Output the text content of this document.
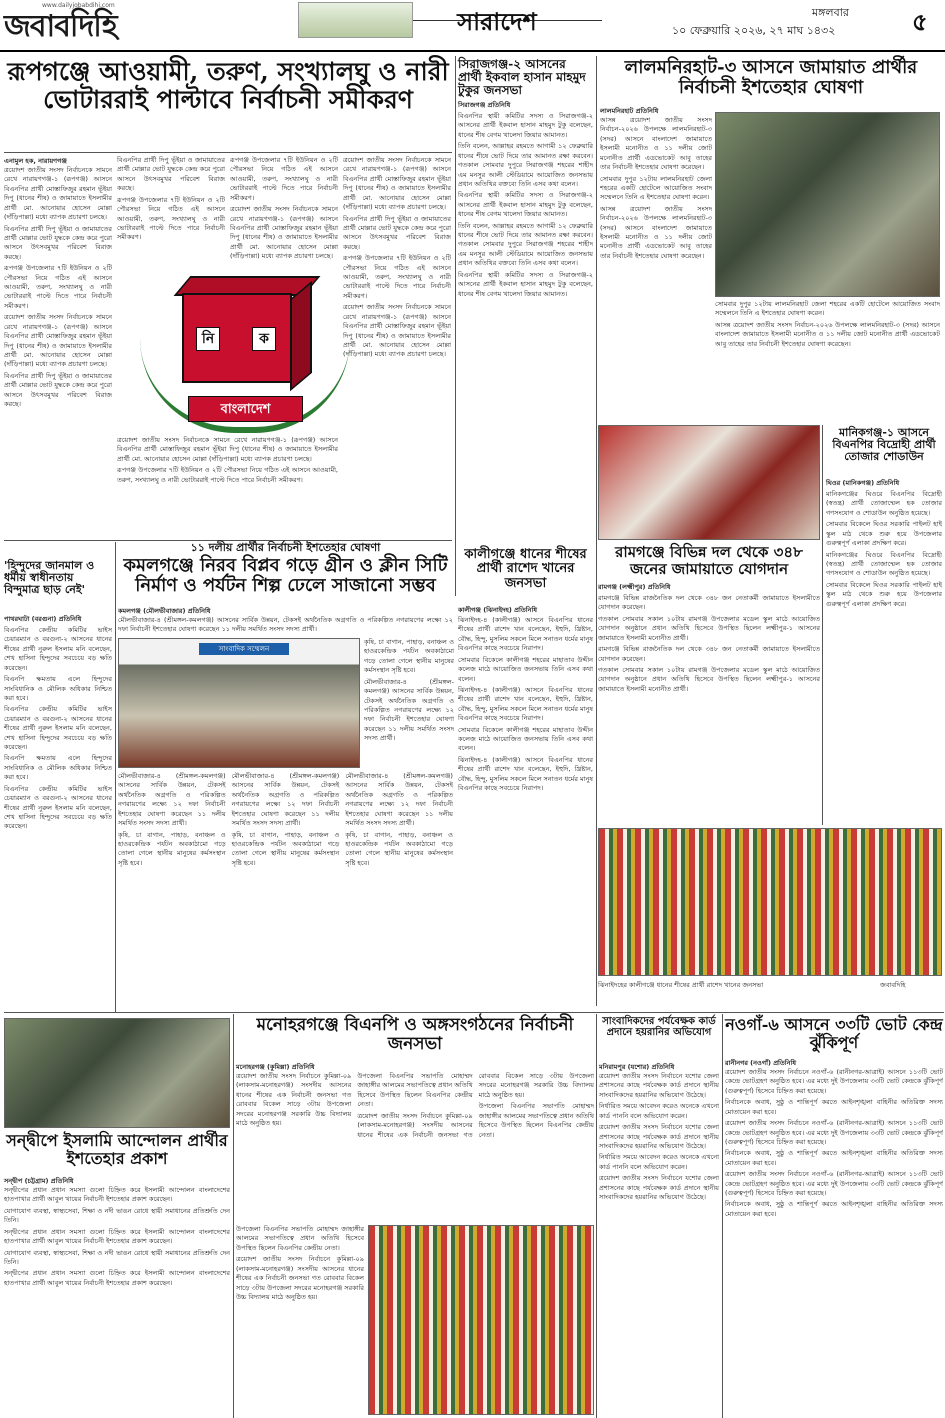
জবাবদিহি
www.dailyjobabdihi.com
সারাদেশ	মঙ্গলবার
১০ ফেব্রুয়ারি ২০২৬, ২৭ মাঘ ১৪৩২	৫
রূপগঞ্জে আওয়ামী, তরুণ, সংখ্যালঘু ও নারী ভোটাররাই পাল্টাবে নির্বাচনী সমীকরণ
এনামুল হক, নারায়ণগঞ্জ

ত্রয়োদশ জাতীয় সংসদ নির্বাচনকে সামনে রেখে নারায়ণগঞ্জ-১ (রূপগঞ্জ) আসনে বিএনপির প্রার্থী মোস্তাফিজুর রহমান ভূঁইয়া দিপু (ধানের শীষ) ও জামায়াতে ইসলামীর প্রার্থী মো. আনোয়ার হোসেন মোল্লা (দাঁড়িপাল্লা) মধ্যে ব্যাপক প্রচারণা চলছে।

বিএনপির প্রার্থী দিপু ভূঁইয়া ও জামায়াতের প্রার্থী মোল্লার ভোট যুদ্ধকে কেন্দ্র করে পুরো আসনে উৎসবমুখর পরিবেশ বিরাজ করছে।

রূপগঞ্জ উপজেলার ৭টি ইউনিয়ন ও ২টি পৌরসভা নিয়ে গঠিত এই আসনে আওয়ামী, তরুণ, সংখ্যালঘু ও নারী ভোটাররাই পাল্টে দিতে পারে নির্বাচনী সমীকরণ।

ত্রয়োদশ জাতীয় সংসদ নির্বাচনকে সামনে রেখে নারায়ণগঞ্জ-১ (রূপগঞ্জ) আসনে বিএনপির প্রার্থী মোস্তাফিজুর রহমান ভূঁইয়া দিপু (ধানের শীষ) ও জামায়াতে ইসলামীর প্রার্থী মো. আনোয়ার হোসেন মোল্লা (দাঁড়িপাল্লা) মধ্যে ব্যাপক প্রচারণা চলছে।

বিএনপির প্রার্থী দিপু ভূঁইয়া ও জামায়াতের প্রার্থী মোল্লার ভোট যুদ্ধকে কেন্দ্র করে পুরো আসনে উৎসবমুখর পরিবেশ বিরাজ করছে।

বিএনপির প্রার্থী দিপু ভূঁইয়া ও জামায়াতের প্রার্থী মোল্লার ভোট যুদ্ধকে কেন্দ্র করে পুরো আসনে উৎসবমুখর পরিবেশ বিরাজ করছে।

রূপগঞ্জ উপজেলার ৭টি ইউনিয়ন ও ২টি পৌরসভা নিয়ে গঠিত এই আসনে আওয়ামী, তরুণ, সংখ্যালঘু ও নারী ভোটাররাই পাল্টে দিতে পারে নির্বাচনী সমীকরণ।

রূপগঞ্জ উপজেলার ৭টি ইউনিয়ন ও ২টি পৌরসভা নিয়ে গঠিত এই আসনে আওয়ামী, তরুণ, সংখ্যালঘু ও নারী ভোটাররাই পাল্টে দিতে পারে নির্বাচনী সমীকরণ।

ত্রয়োদশ জাতীয় সংসদ নির্বাচনকে সামনে রেখে নারায়ণগঞ্জ-১ (রূপগঞ্জ) আসনে বিএনপির প্রার্থী মোস্তাফিজুর রহমান ভূঁইয়া দিপু (ধানের শীষ) ও জামায়াতে ইসলামীর প্রার্থী মো. আনোয়ার হোসেন মোল্লা (দাঁড়িপাল্লা) মধ্যে ব্যাপক প্রচারণা চলছে।

ত্রয়োদশ জাতীয় সংসদ নির্বাচনকে সামনে রেখে নারায়ণগঞ্জ-১ (রূপগঞ্জ) আসনে বিএনপির প্রার্থী মোস্তাফিজুর রহমান ভূঁইয়া দিপু (ধানের শীষ) ও জামায়াতে ইসলামীর প্রার্থী মো. আনোয়ার হোসেন মোল্লা (দাঁড়িপাল্লা) মধ্যে ব্যাপক প্রচারণা চলছে।

বিএনপির প্রার্থী দিপু ভূঁইয়া ও জামায়াতের প্রার্থী মোল্লার ভোট যুদ্ধকে কেন্দ্র করে পুরো আসনে উৎসবমুখর পরিবেশ বিরাজ করছে।

রূপগঞ্জ উপজেলার ৭টি ইউনিয়ন ও ২টি পৌরসভা নিয়ে গঠিত এই আসনে আওয়ামী, তরুণ, সংখ্যালঘু ও নারী ভোটাররাই পাল্টে দিতে পারে নির্বাচনী সমীকরণ।

ত্রয়োদশ জাতীয় সংসদ নির্বাচনকে সামনে রেখে নারায়ণগঞ্জ-১ (রূপগঞ্জ) আসনে বিএনপির প্রার্থী মোস্তাফিজুর রহমান ভূঁইয়া দিপু (ধানের শীষ) ও জামায়াতে ইসলামীর প্রার্থী মো. আনোয়ার হোসেন মোল্লা (দাঁড়িপাল্লা) মধ্যে ব্যাপক প্রচারণা চলছে।

নি	ক
বাংলাদেশ

ত্রয়োদশ জাতীয় সংসদ নির্বাচনকে সামনে রেখে নারায়ণগঞ্জ-১ (রূপগঞ্জ) আসনে বিএনপির প্রার্থী মোস্তাফিজুর রহমান ভূঁইয়া দিপু (ধানের শীষ) ও জামায়াতে ইসলামীর প্রার্থী মো. আনোয়ার হোসেন মোল্লা (দাঁড়িপাল্লা) মধ্যে ব্যাপক প্রচারণা চলছে।

রূপগঞ্জ উপজেলার ৭টি ইউনিয়ন ও ২টি পৌরসভা নিয়ে গঠিত এই আসনে আওয়ামী, তরুণ, সংখ্যালঘু ও নারী ভোটাররাই পাল্টে দিতে পারে নির্বাচনী সমীকরণ।

সিরাজগঞ্জ-২ আসনের প্রার্থী ইকবাল হাসান মাহমুদ টুকুর জনসভা
সিরাজগঞ্জ প্রতিনিধি

বিএনপির স্থায়ী কমিটির সদস্য ও সিরাজগঞ্জ-২ আসনের প্রার্থী ইকবাল হাসান মাহমুদ টুকু বলেছেন, ধানের শীষ বেগম খালেদা জিয়ার আমানত।

তিনি বলেন, আল্লাহর রহমতে আগামী ১২ ফেব্রুয়ারি ধানের শীষে ভোট দিয়ে তার আমানত রক্ষা করবেন। গতকাল সোমবার দুপুরে সিরাজগঞ্জ শহরের শাহীদ এম মনসুর আলী স্টেডিয়ামে আয়োজিত জনসভায় প্রধান অতিথির বক্তব্যে তিনি এসব কথা বলেন।

বিএনপির স্থায়ী কমিটির সদস্য ও সিরাজগঞ্জ-২ আসনের প্রার্থী ইকবাল হাসান মাহমুদ টুকু বলেছেন, ধানের শীষ বেগম খালেদা জিয়ার আমানত।

তিনি বলেন, আল্লাহর রহমতে আগামী ১২ ফেব্রুয়ারি ধানের শীষে ভোট দিয়ে তার আমানত রক্ষা করবেন। গতকাল সোমবার দুপুরে সিরাজগঞ্জ শহরের শাহীদ এম মনসুর আলী স্টেডিয়ামে আয়োজিত জনসভায় প্রধান অতিথির বক্তব্যে তিনি এসব কথা বলেন।

বিএনপির স্থায়ী কমিটির সদস্য ও সিরাজগঞ্জ-২ আসনের প্রার্থী ইকবাল হাসান মাহমুদ টুকু বলেছেন, ধানের শীষ বেগম খালেদা জিয়ার আমানত।

লালমনিরহাট-৩ আসনে জামায়াত প্রার্থীর নির্বাচনী ইশতেহার ঘোষণা
লালমনিরহাট প্রতিনিধি

আসন্ন ত্রয়োদশ জাতীয় সংসদ নির্বাচন-২০২৬ উপলক্ষে লালমনিরহাট-৩ (সদর) আসনে বাংলাদেশ জামায়াতে ইসলামী মনোনীত ও ১১ দলীয় জোট মনোনীত প্রার্থী এডভোকেট আবু তাহের তার নির্বাচনী ইশতেহার ঘোষণা করেছেন।

সোমবার দুপুর ১২টায় লালমনিরহাট জেলা শহরের একটি হোটেলে আয়োজিত সংবাদ সম্মেলনে তিনি এ ইশতেহার ঘোষণা করেন।

আসন্ন ত্রয়োদশ জাতীয় সংসদ নির্বাচন-২০২৬ উপলক্ষে লালমনিরহাট-৩ (সদর) আসনে বাংলাদেশ জামায়াতে ইসলামী মনোনীত ও ১১ দলীয় জোট মনোনীত প্রার্থী এডভোকেট আবু তাহের তার নির্বাচনী ইশতেহার ঘোষণা করেছেন।

সোমবার দুপুর ১২টায় লালমনিরহাট জেলা শহরের একটি হোটেলে আয়োজিত সংবাদ সম্মেলনে তিনি এ ইশতেহার ঘোষণা করেন।

আসন্ন ত্রয়োদশ জাতীয় সংসদ নির্বাচন-২০২৬ উপলক্ষে লালমনিরহাট-৩ (সদর) আসনে বাংলাদেশ জামায়াতে ইসলামী মনোনীত ও ১১ দলীয় জোট মনোনীত প্রার্থী এডভোকেট আবু তাহের তার নির্বাচনী ইশতেহার ঘোষণা করেছেন।

রামগঞ্জে বিভিন্ন দল থেকে ৩৪৮ জনের জামায়াতে যোগদান
রামগঞ্জ (লক্ষ্মীপুর) প্রতিনিধি

রামগঞ্জে বিভিন্ন রাজনৈতিক দল থেকে ৩৪৮ জন নেতাকর্মী জামায়াতে ইসলামীতে যোগদান করেছেন।

গতকাল সোমবার সকাল ১০টায় রামগঞ্জ উপজেলার মডেল স্কুল মাঠে আয়োজিত যোগদান অনুষ্ঠানে প্রধান অতিথি হিসেবে উপস্থিত ছিলেন লক্ষ্মীপুর-১ আসনের জামায়াতে ইসলামী মনোনীত প্রার্থী।

রামগঞ্জে বিভিন্ন রাজনৈতিক দল থেকে ৩৪৮ জন নেতাকর্মী জামায়াতে ইসলামীতে যোগদান করেছেন।

গতকাল সোমবার সকাল ১০টায় রামগঞ্জ উপজেলার মডেল স্কুল মাঠে আয়োজিত যোগদান অনুষ্ঠানে প্রধান অতিথি হিসেবে উপস্থিত ছিলেন লক্ষ্মীপুর-১ আসনের জামায়াতে ইসলামী মনোনীত প্রার্থী।

মানিকগঞ্জ-১ আসনে বিএনপির বিদ্রোহী প্রার্থী তোজার শোডাউন
ঘিওর (মানিকগঞ্জ) প্রতিনিধি

মানিকগঞ্জের ঘিওরে বিএনপির বিদ্রোহী (স্বতন্ত্র) প্রার্থী তোজাম্মেল হক তোজার গণসংযোগ ও শোডাউন অনুষ্ঠিত হয়েছে।

সোমবার বিকেলে ঘিওর সরকারি পাইলট হাই স্কুল মাঠ থেকে শুরু হয়ে উপজেলার গুরুত্বপূর্ণ এলাকা প্রদক্ষিণ করে।

মানিকগঞ্জের ঘিওরে বিএনপির বিদ্রোহী (স্বতন্ত্র) প্রার্থী তোজাম্মেল হক তোজার গণসংযোগ ও শোডাউন অনুষ্ঠিত হয়েছে।

সোমবার বিকেলে ঘিওর সরকারি পাইলট হাই স্কুল মাঠ থেকে শুরু হয়ে উপজেলার গুরুত্বপূর্ণ এলাকা প্রদক্ষিণ করে।

ঝিনাইদহের কালীগঞ্জে ধানের শীষের প্রার্থী রাশেদ খানের জনসভা	জবাবদিহি
কালীগঞ্জে ধানের শীষের প্রার্থী রাশেদ খানের জনসভা
কালীগঞ্জ (ঝিনাইদহ) প্রতিনিধি

ঝিনাইদহ-৪ (কালীগঞ্জ) আসনে বিএনপির ধানের শীষের প্রার্থী রাশেদ খান বলেছেন, ইহুদি, খ্রিষ্টান, বৌদ্ধ, হিন্দু, মুসলিম সকলে মিলে সনাতন ধর্মের মানুষ বিএনপির কাছে সবচেয়ে নিরাপদ।

সোমবার বিকেলে কালীগঞ্জ শহরের মাহাতাব উদ্দীন কলেজ মাঠে আয়োজিত জনসভায় তিনি এসব কথা বলেন।

ঝিনাইদহ-৪ (কালীগঞ্জ) আসনে বিএনপির ধানের শীষের প্রার্থী রাশেদ খান বলেছেন, ইহুদি, খ্রিষ্টান, বৌদ্ধ, হিন্দু, মুসলিম সকলে মিলে সনাতন ধর্মের মানুষ বিএনপির কাছে সবচেয়ে নিরাপদ।

সোমবার বিকেলে কালীগঞ্জ শহরের মাহাতাব উদ্দীন কলেজ মাঠে আয়োজিত জনসভায় তিনি এসব কথা বলেন।

ঝিনাইদহ-৪ (কালীগঞ্জ) আসনে বিএনপির ধানের শীষের প্রার্থী রাশেদ খান বলেছেন, ইহুদি, খ্রিষ্টান, বৌদ্ধ, হিন্দু, মুসলিম সকলে মিলে সনাতন ধর্মের মানুষ বিএনপির কাছে সবচেয়ে নিরাপদ।

১১ দলীয় প্রার্থীর নির্বাচনী ইশতেহার ঘোষণা
কমলগঞ্জে নিরব বিপ্লব গড়ে গ্রীন ও ক্লীন সিটি নির্মাণ ও পর্যটন শিল্প ঢেলে সাজানো সম্ভব
কমলগঞ্জ (মৌলভীবাজার) প্রতিনিধি

মৌলভীবাজার-৪ (শ্রীমঙ্গল-কমলগঞ্জ) আসনের সার্বিক উন্নয়ন, টেকসই অর্থনৈতিক অগ্রগতি ও পরিকল্পিত নগরায়ণের লক্ষ্যে ১২ দফা নির্বাচনী ইশতেহার ঘোষণা করেছেন ১১ দলীয় সমর্থিত সংসদ সদস্য প্রার্থী।

সাংবাদিক সম্মেলন

কৃষি, চা বাগান, পাহাড়, বনাঞ্চল ও হাওরকেন্দ্রিক পর্যটন অবকাঠামো গড়ে তোলা গেলে স্থানীয় মানুষের কর্মসংস্থান সৃষ্টি হবে।

মৌলভীবাজার-৪ (শ্রীমঙ্গল-কমলগঞ্জ) আসনের সার্বিক উন্নয়ন, টেকসই অর্থনৈতিক অগ্রগতি ও পরিকল্পিত নগরায়ণের লক্ষ্যে ১২ দফা নির্বাচনী ইশতেহার ঘোষণা করেছেন ১১ দলীয় সমর্থিত সংসদ সদস্য প্রার্থী।

মৌলভীবাজার-৪ (শ্রীমঙ্গল-কমলগঞ্জ) আসনের সার্বিক উন্নয়ন, টেকসই অর্থনৈতিক অগ্রগতি ও পরিকল্পিত নগরায়ণের লক্ষ্যে ১২ দফা নির্বাচনী ইশতেহার ঘোষণা করেছেন ১১ দলীয় সমর্থিত সংসদ সদস্য প্রার্থী।

কৃষি, চা বাগান, পাহাড়, বনাঞ্চল ও হাওরকেন্দ্রিক পর্যটন অবকাঠামো গড়ে তোলা গেলে স্থানীয় মানুষের কর্মসংস্থান সৃষ্টি হবে।

মৌলভীবাজার-৪ (শ্রীমঙ্গল-কমলগঞ্জ) আসনের সার্বিক উন্নয়ন, টেকসই অর্থনৈতিক অগ্রগতি ও পরিকল্পিত নগরায়ণের লক্ষ্যে ১২ দফা নির্বাচনী ইশতেহার ঘোষণা করেছেন ১১ দলীয় সমর্থিত সংসদ সদস্য প্রার্থী।

কৃষি, চা বাগান, পাহাড়, বনাঞ্চল ও হাওরকেন্দ্রিক পর্যটন অবকাঠামো গড়ে তোলা গেলে স্থানীয় মানুষের কর্মসংস্থান সৃষ্টি হবে।

মৌলভীবাজার-৪ (শ্রীমঙ্গল-কমলগঞ্জ) আসনের সার্বিক উন্নয়ন, টেকসই অর্থনৈতিক অগ্রগতি ও পরিকল্পিত নগরায়ণের লক্ষ্যে ১২ দফা নির্বাচনী ইশতেহার ঘোষণা করেছেন ১১ দলীয় সমর্থিত সংসদ সদস্য প্রার্থী।

কৃষি, চা বাগান, পাহাড়, বনাঞ্চল ও হাওরকেন্দ্রিক পর্যটন অবকাঠামো গড়ে তোলা গেলে স্থানীয় মানুষের কর্মসংস্থান সৃষ্টি হবে।

'হিন্দুদের জানমাল ও ধর্মীয় স্বাধীনতায় বিন্দুমাত্র ছাড় নেই'
পাথরঘাটা (বরগুনা) প্রতিনিধি

বিএনপির কেন্দ্রীয় কমিটির ভাইস চেয়ারম্যান ও বরগুনা-২ আসনের ধানের শীষের প্রার্থী নুরুল ইসলাম মনি বলেছেন, শেখ হাসিনা হিন্দুদের সবচেয়ে বড় ক্ষতি করেছেন।

বিএনপি ক্ষমতায় এলে হিন্দুদের সাংবিধানিক ও মৌলিক অধিকার নিশ্চিত করা হবে।

বিএনপির কেন্দ্রীয় কমিটির ভাইস চেয়ারম্যান ও বরগুনা-২ আসনের ধানের শীষের প্রার্থী নুরুল ইসলাম মনি বলেছেন, শেখ হাসিনা হিন্দুদের সবচেয়ে বড় ক্ষতি করেছেন।

বিএনপি ক্ষমতায় এলে হিন্দুদের সাংবিধানিক ও মৌলিক অধিকার নিশ্চিত করা হবে।

বিএনপির কেন্দ্রীয় কমিটির ভাইস চেয়ারম্যান ও বরগুনা-২ আসনের ধানের শীষের প্রার্থী নুরুল ইসলাম মনি বলেছেন, শেখ হাসিনা হিন্দুদের সবচেয়ে বড় ক্ষতি করেছেন।

সন্দ্বীপে ইসলামি আন্দোলন প্রার্থীর ইশতেহার প্রকাশ
সন্দ্বীপ (চট্টগ্রাম) প্রতিনিধি

সন্দ্বীপের প্রধান প্রধান সমস্যা গুলো চিহ্নিত করে ইসলামী আন্দোলন বাংলাদেশের হাতপাখার প্রার্থী আবুল খায়ের নির্বাচনী ইশতেহার প্রকাশ করেছেন।

যোগাযোগ ব্যবস্থা, স্বাস্থ্যসেবা, শিক্ষা ও নদী ভাঙন রোধে স্থায়ী সমাধানের প্রতিশ্রুতি দেন তিনি।

সন্দ্বীপের প্রধান প্রধান সমস্যা গুলো চিহ্নিত করে ইসলামী আন্দোলন বাংলাদেশের হাতপাখার প্রার্থী আবুল খায়ের নির্বাচনী ইশতেহার প্রকাশ করেছেন।

যোগাযোগ ব্যবস্থা, স্বাস্থ্যসেবা, শিক্ষা ও নদী ভাঙন রোধে স্থায়ী সমাধানের প্রতিশ্রুতি দেন তিনি।

সন্দ্বীপের প্রধান প্রধান সমস্যা গুলো চিহ্নিত করে ইসলামী আন্দোলন বাংলাদেশের হাতপাখার প্রার্থী আবুল খায়ের নির্বাচনী ইশতেহার প্রকাশ করেছেন।

মনোহরগঞ্জে বিএনপি ও অঙ্গসংগঠনের নির্বাচনী জনসভা
মনোহরগঞ্জ (কুমিল্লা) প্রতিনিধি

ত্রয়োদশ জাতীয় সংসদ নির্বাচনে কুমিল্লা-০৯ (লাকসাম-মনোহরগঞ্জ) সংসদীয় আসনের ধানের শীষের এক নির্বাচনী জনসভা গত রোববার বিকেল সাড়ে ৩টায় উপজেলা সদরের মনোহরগঞ্জ সরকারি উচ্চ বিদ্যালয় মাঠে অনুষ্ঠিত হয়।

উপজেলা বিএনপির সভাপতি মোহাম্মদ জাহাঙ্গীর আলমের সভাপতিত্বে প্রধান অতিথি হিসেবে উপস্থিত ছিলেন বিএনপির কেন্দ্রীয় নেতা।

ত্রয়োদশ জাতীয় সংসদ নির্বাচনে কুমিল্লা-০৯ (লাকসাম-মনোহরগঞ্জ) সংসদীয় আসনের ধানের শীষের এক নির্বাচনী জনসভা গত রোববার বিকেল সাড়ে ৩টায় উপজেলা সদরের মনোহরগঞ্জ সরকারি উচ্চ বিদ্যালয় মাঠে অনুষ্ঠিত হয়।

উপজেলা বিএনপির সভাপতি মোহাম্মদ জাহাঙ্গীর আলমের সভাপতিত্বে প্রধান অতিথি হিসেবে উপস্থিত ছিলেন বিএনপির কেন্দ্রীয় নেতা।

উপজেলা বিএনপির সভাপতি মোহাম্মদ জাহাঙ্গীর আলমের সভাপতিত্বে প্রধান অতিথি হিসেবে উপস্থিত ছিলেন বিএনপির কেন্দ্রীয় নেতা।

ত্রয়োদশ জাতীয় সংসদ নির্বাচনে কুমিল্লা-০৯ (লাকসাম-মনোহরগঞ্জ) সংসদীয় আসনের ধানের শীষের এক নির্বাচনী জনসভা গত রোববার বিকেল সাড়ে ৩টায় উপজেলা সদরের মনোহরগঞ্জ সরকারি উচ্চ বিদ্যালয় মাঠে অনুষ্ঠিত হয়।

সাংবাদিকদের পর্যবেক্ষক কার্ড প্রদানে হয়রানির অভিযোগ
মনিরামপুর (যশোর) প্রতিনিধি

ত্রয়োদশ জাতীয় সংসদ নির্বাচনে যশোর জেলা প্রশাসনের কাছে পর্যবেক্ষক কার্ড প্রদানে স্থানীয় সাংবাদিকদের হয়রানির অভিযোগ উঠেছে।

নির্ধারিত সময়ে আবেদন করেও অনেকে এখনো কার্ড পাননি বলে অভিযোগ করেন।

ত্রয়োদশ জাতীয় সংসদ নির্বাচনে যশোর জেলা প্রশাসনের কাছে পর্যবেক্ষক কার্ড প্রদানে স্থানীয় সাংবাদিকদের হয়রানির অভিযোগ উঠেছে।

নির্ধারিত সময়ে আবেদন করেও অনেকে এখনো কার্ড পাননি বলে অভিযোগ করেন।

ত্রয়োদশ জাতীয় সংসদ নির্বাচনে যশোর জেলা প্রশাসনের কাছে পর্যবেক্ষক কার্ড প্রদানে স্থানীয় সাংবাদিকদের হয়রানির অভিযোগ উঠেছে।

নওগাঁ-৬ আসনে ৩৩টি ভোট কেন্দ্র ঝুঁকিপূর্ণ
রানীনগর (নওগাঁ) প্রতিনিধি

ত্রয়োদশ জাতীয় সংসদ নির্বাচনে নওগাঁ-৬ (রানীনগর-আত্রাই) আসনে ১১৩টি ভোট কেন্দ্রে ভোটগ্রহণ অনুষ্ঠিত হবে। এর মধ্যে দুই উপজেলায় ৩৩টি ভোট কেন্দ্রকে ঝুঁকিপূর্ণ (গুরুত্বপূর্ণ) হিসেবে চিহ্নিত করা হয়েছে।

নির্বাচনকে অবাধ, সুষ্ঠু ও শান্তিপূর্ণ করতে আইনশৃঙ্খলা বাহিনীর অতিরিক্ত সদস্য মোতায়েন করা হবে।

ত্রয়োদশ জাতীয় সংসদ নির্বাচনে নওগাঁ-৬ (রানীনগর-আত্রাই) আসনে ১১৩টি ভোট কেন্দ্রে ভোটগ্রহণ অনুষ্ঠিত হবে। এর মধ্যে দুই উপজেলায় ৩৩টি ভোট কেন্দ্রকে ঝুঁকিপূর্ণ (গুরুত্বপূর্ণ) হিসেবে চিহ্নিত করা হয়েছে।

নির্বাচনকে অবাধ, সুষ্ঠু ও শান্তিপূর্ণ করতে আইনশৃঙ্খলা বাহিনীর অতিরিক্ত সদস্য মোতায়েন করা হবে।

ত্রয়োদশ জাতীয় সংসদ নির্বাচনে নওগাঁ-৬ (রানীনগর-আত্রাই) আসনে ১১৩টি ভোট কেন্দ্রে ভোটগ্রহণ অনুষ্ঠিত হবে। এর মধ্যে দুই উপজেলায় ৩৩টি ভোট কেন্দ্রকে ঝুঁকিপূর্ণ (গুরুত্বপূর্ণ) হিসেবে চিহ্নিত করা হয়েছে।

নির্বাচনকে অবাধ, সুষ্ঠু ও শান্তিপূর্ণ করতে আইনশৃঙ্খলা বাহিনীর অতিরিক্ত সদস্য মোতায়েন করা হবে।
